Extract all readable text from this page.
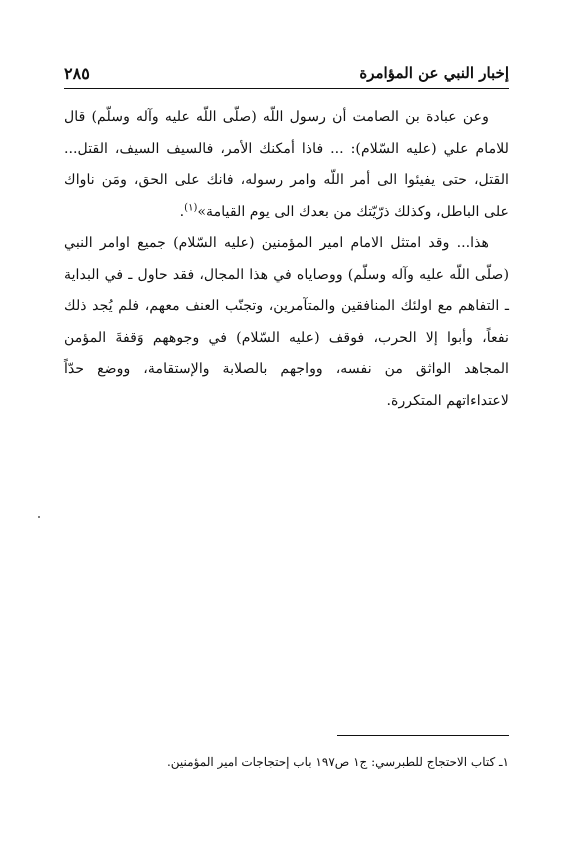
إخبار النبي عن المؤامرة
٢٨٥

وعن عبادة بن الصامت أن رسول اللّه (صلّى اللّه عليه وآله وسلّم) قال للامام علي (عليه السّلام): ... فاذا أمكنك الأمر، فالسيف السيف، القتل... القتل، حتى يفيئوا الى أمر اللّه وامر رسوله، فانك على الحق، ومَن ناواك على الباطل، وكذلك ذرّيّتك من بعدك الى يوم القيامة»$^{(١)}$.

هذا... وقد امتثل الامام امير المؤمنين (عليه السّلام) جميع اوامر النبي (صلّى اللّه عليه وآله وسلّم) ووصاياه في هذا المجال، فقد حاول ـ في البداية ـ التفاهم مع اولئك المنافقين والمتآمرين، وتجنّب العنف معهم، فلم يُجد ذلك نفعاً، وأبوا إلا الحرب، فوقف (عليه السّلام) في وجوههم وَقفةَ المؤمن المجاهد الواثق من نفسه، وواجهم بالصلابة والإستقامة، ووضع حدّاً لاعتداءاتهم المتكررة.

١ـ كتاب الاحتجاج للطبرسي: ج١ ص١٩٧ باب إحتجاجات امير المؤمنين.
